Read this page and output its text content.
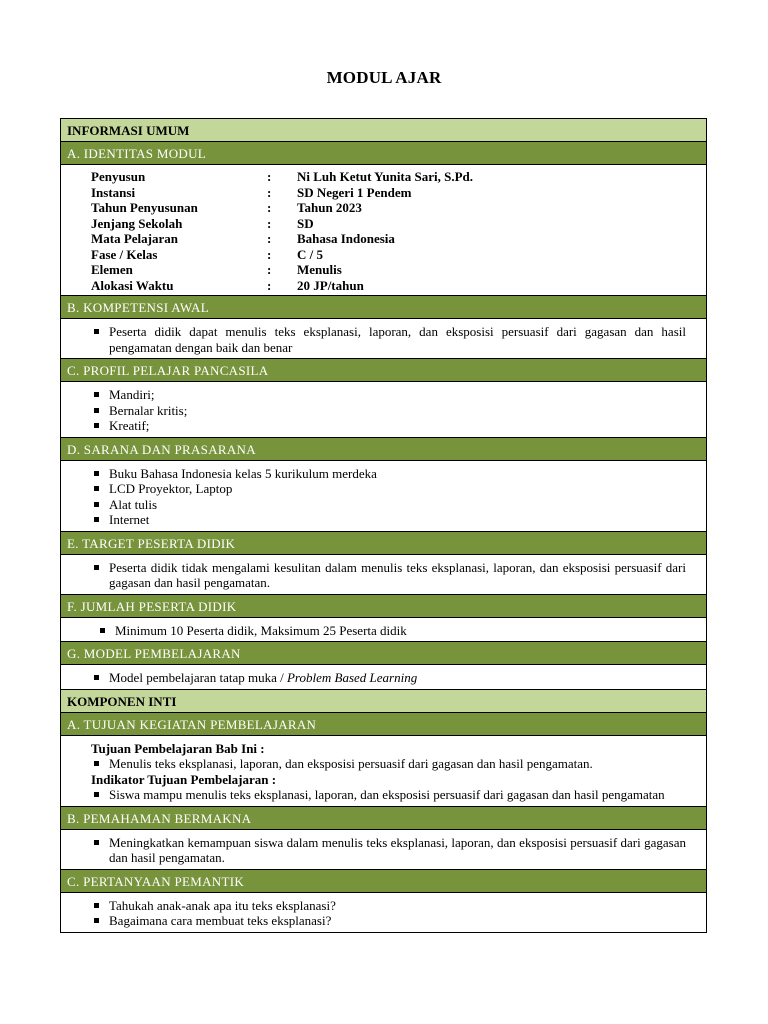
MODUL AJAR
INFORMASI UMUM
A. IDENTITAS MODUL
Penyusun	:	Ni Luh Ketut Yunita Sari, S.Pd.
Instansi	:	SD Negeri 1 Pendem
Tahun Penyusunan	:	Tahun 2023
Jenjang Sekolah	:	SD
Mata Pelajaran	:	Bahasa Indonesia
Fase / Kelas	:	C / 5
Elemen	:	Menulis
Alokasi Waktu	:	20 JP/tahun
B. KOMPETENSI AWAL
Peserta didik dapat menulis teks eksplanasi, laporan, dan eksposisi persuasif dari gagasan dan hasil pengamatan dengan baik dan benar
C. PROFIL PELAJAR PANCASILA
Mandiri;
Bernalar kritis;
Kreatif;
D. SARANA DAN PRASARANA
Buku Bahasa Indonesia kelas 5 kurikulum merdeka
LCD Proyektor, Laptop
Alat tulis
Internet
E. TARGET PESERTA DIDIK
Peserta didik tidak mengalami kesulitan dalam menulis teks eksplanasi, laporan, dan eksposisi persuasif dari gagasan dan hasil pengamatan.
F. JUMLAH PESERTA DIDIK
Minimum 10 Peserta didik, Maksimum 25 Peserta didik
G. MODEL PEMBELAJARAN
Model pembelajaran tatap muka / Problem Based Learning
KOMPONEN INTI
A. TUJUAN KEGIATAN PEMBELAJARAN
Tujuan Pembelajaran Bab Ini :
Menulis teks eksplanasi, laporan, dan eksposisi persuasif dari gagasan dan hasil pengamatan.
Indikator Tujuan Pembelajaran :
Siswa mampu menulis teks eksplanasi, laporan, dan eksposisi persuasif dari gagasan dan hasil pengamatan
B. PEMAHAMAN BERMAKNA
Meningkatkan kemampuan siswa dalam menulis teks eksplanasi, laporan, dan eksposisi persuasif dari gagasan dan hasil pengamatan.
C. PERTANYAAN PEMANTIK
Tahukah anak-anak apa itu teks eksplanasi?
Bagaimana cara membuat teks eksplanasi?
